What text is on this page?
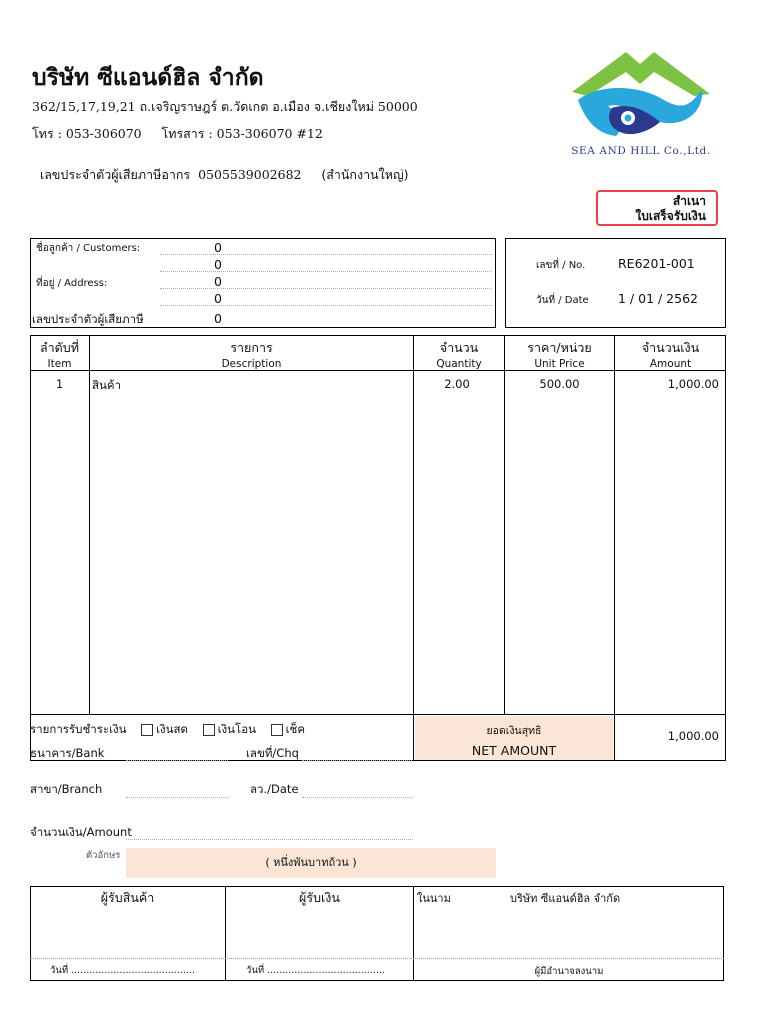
บริษัท ซีแอนด์ฮิล จำกัด
362/15,17,19,21 ถ.เจริญราษฎร์ ต.วัดเกต อ.เมือง จ.เชียงใหม่ 50000
โทร : 053-306070     โทรสาร : 053-306070 #12

เลขประจำตัวผู้เสียภาษีอากร 0505539002682 (สำนักงานใหญ่)

SEA AND HILL Co.,Ltd.
สำเนา
ใบเสร็จรับเงิน
ชื่อลูกค้า / Customers:	0
0
ที่อยู่ / Address:	0
0
เลขประจำตัวผู้เสียภาษี	0
เลขที่ / No.	RE6201-001
วันที่ / Date 1 / 01 / 2562
ลำดับที่
Item
รายการ
Description
จำนวน
Quantity
ราคา/หน่วย
Unit Price
จำนวนเงิน
Amount
1	สินค้า	2.00	500.00	1,000.00
ยอดเงินสุทธิ
NET AMOUNT
1,000.00
รายการรับชำระเงิน	เงินสด	เงินโอน	เช็ค
ธนาคาร/Bank	เลขที่/Chq
สาขา/Branch	ลว./Date
จำนวนเงิน/Amount
ตัวอักษร
( หนึ่งพันบาทถ้วน )
ผู้รับสินค้า	ผู้รับเงิน	ในนาม	บริษัท ซีแอนด์ฮิล จำกัด
วันที่ .........................................	วันที่ .......................................	ผู้มีอำนาจลงนาม
